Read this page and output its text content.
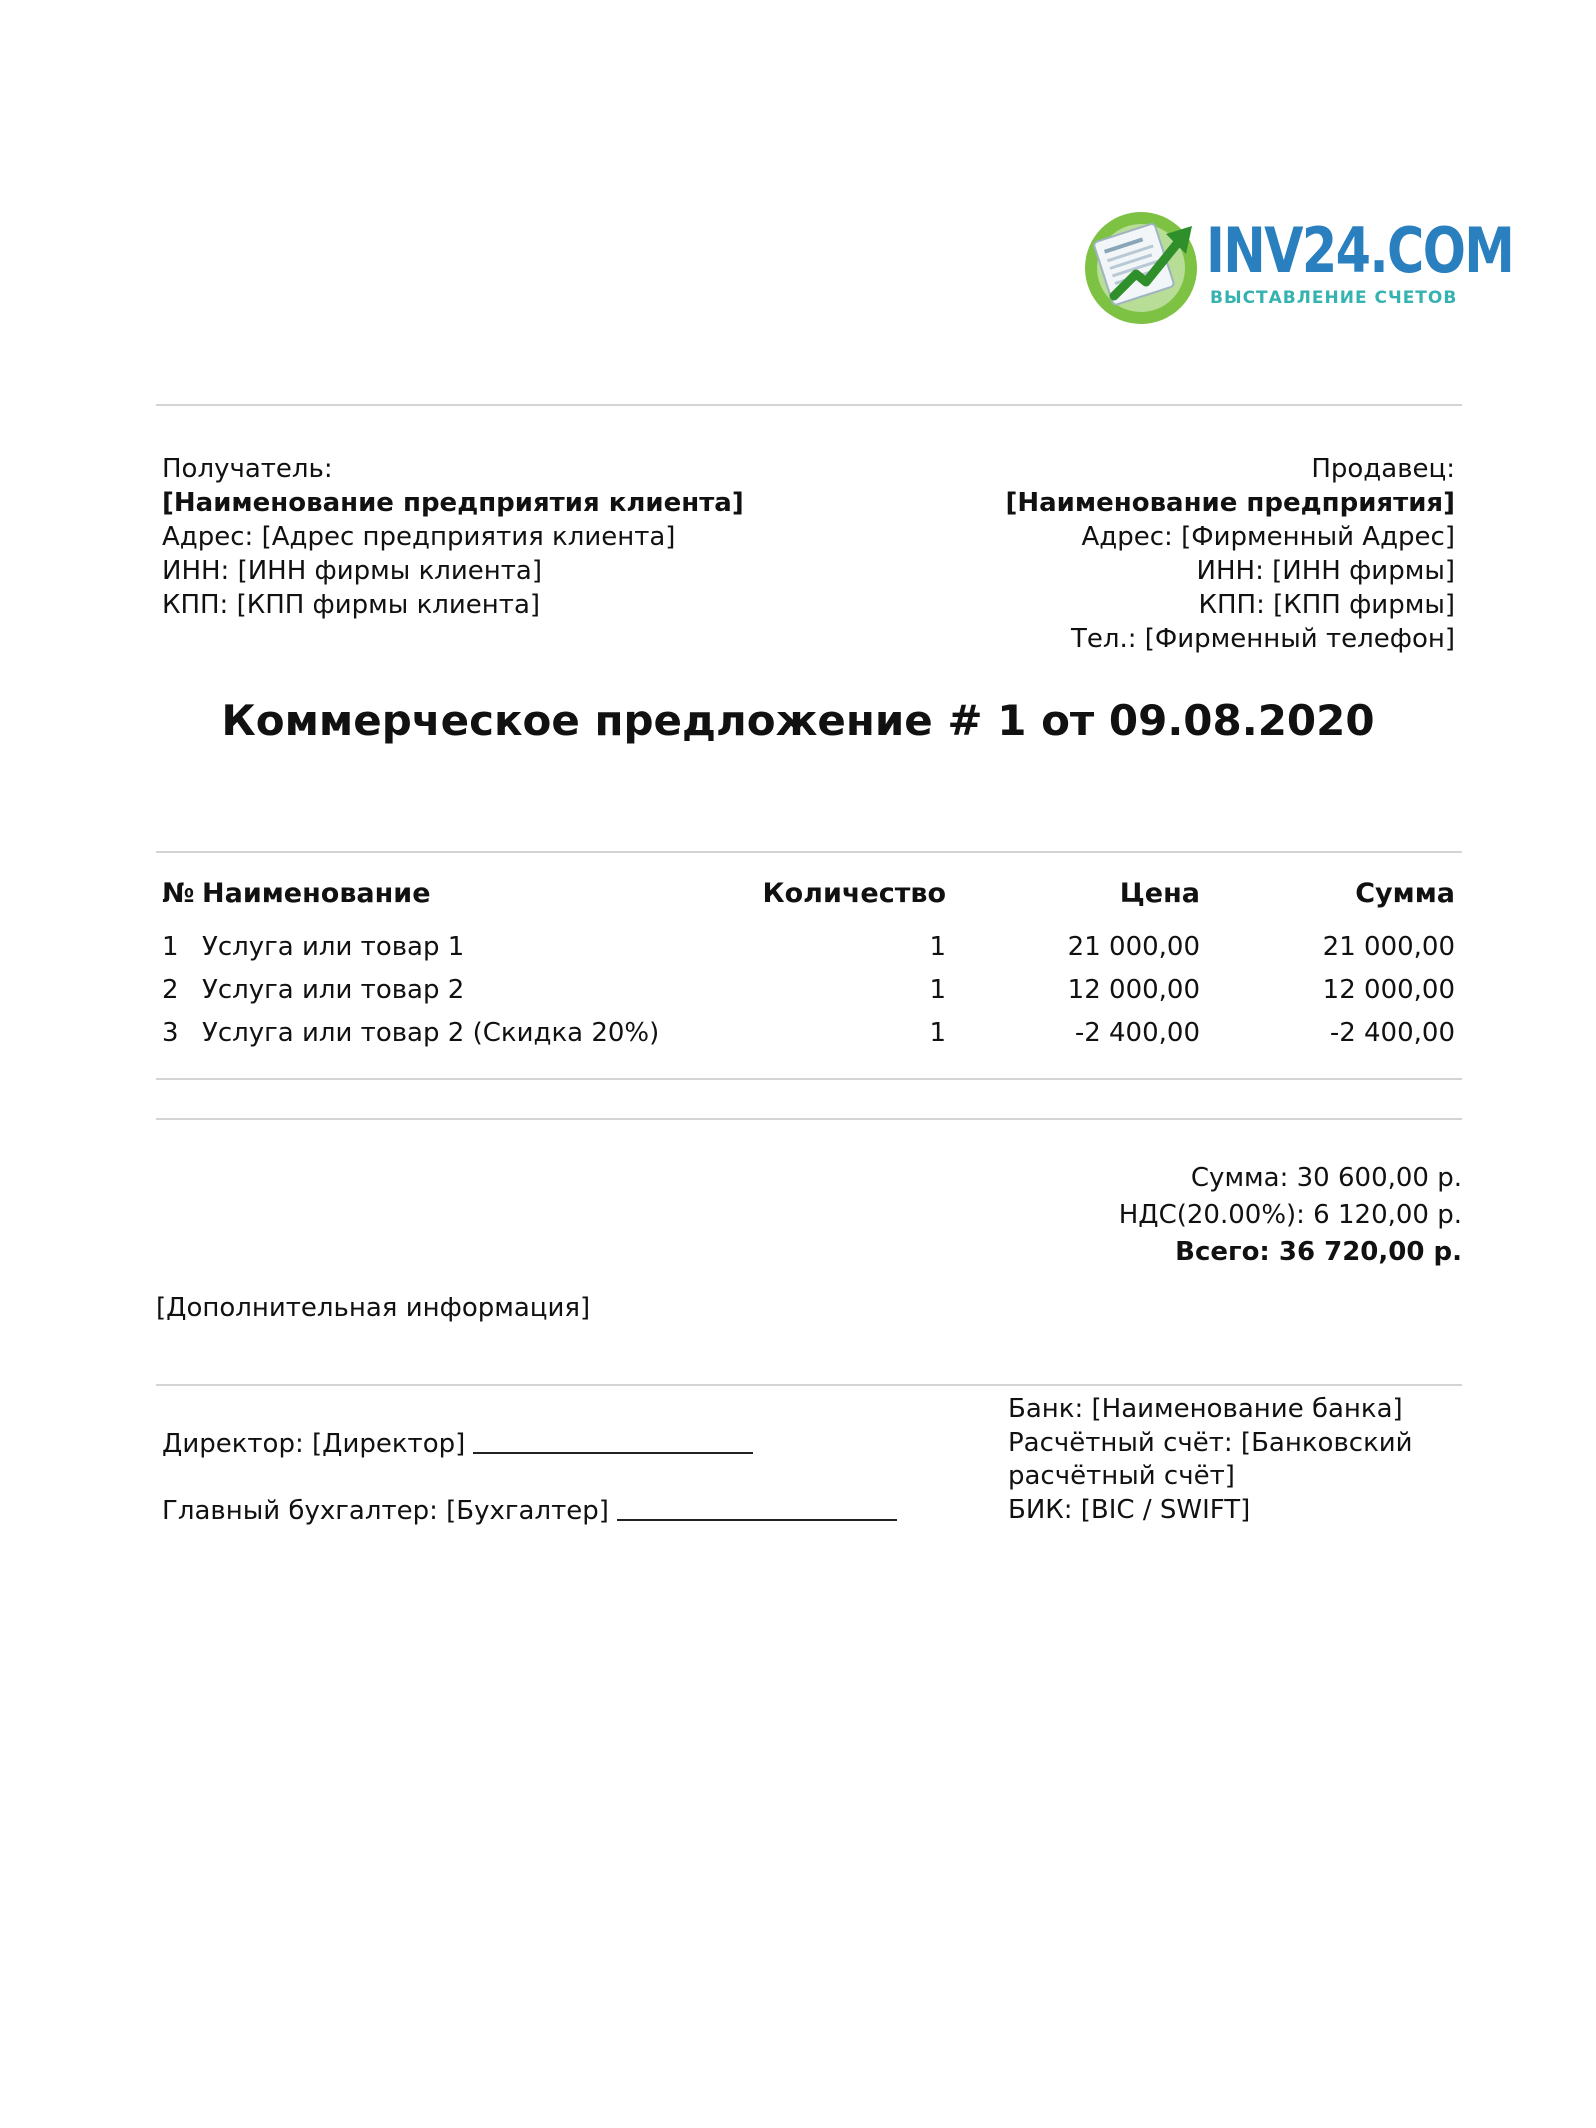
INV24.COM
ВЫСТАВЛЕНИЕ СЧЕТОВ
Получатель:
[Наименование предприятия клиента]
Адрес: [Адрес предприятия клиента]
ИНН: [ИНН фирмы клиента]
КПП: [КПП фирмы клиента]
Продавец:
[Наименование предприятия]
Адрес: [Фирменный Адрес]
ИНН: [ИНН фирмы]
КПП: [КПП фирмы]
Тел.: [Фирменный телефон]
Коммерческое предложение # 1 от 09.08.2020
№ Наименование	Количество	Цена	Сумма
1 Услуга или товар 1	1	21 000,00	21 000,00
2 Услуга или товар 2	1	12 000,00	12 000,00
3 Услуга или товар 2 (Скидка 20%)	1	-2 400,00	-2 400,00
Сумма: 30 600,00 р.
НДС(20.00%): 6 120,00 р.
Всего: 36 720,00 р.
[Дополнительная информация]
Директор: [Директор]
Главный бухгалтер: [Бухгалтер]
Банк: [Наименование банка]
Расчётный счёт: [Банковский расчётный счёт]
БИК: [BIC / SWIFT]
